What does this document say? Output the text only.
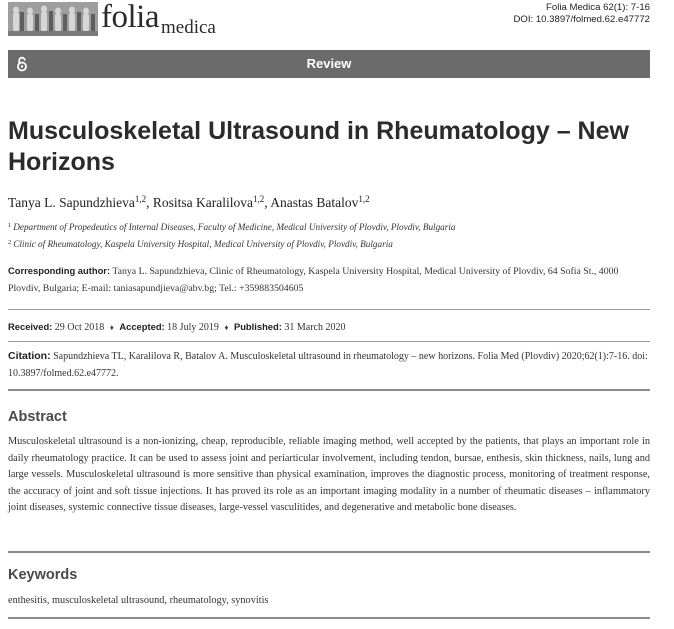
folia medica
Folia Medica 62(1): 7-16
DOI: 10.3897/folmed.62.e47772
Review
Musculoskeletal Ultrasound in Rheumatology – New Horizons
Tanya L. Sapundzhieva$^{1,2}$, Rositsa Karalilova$^{1,2}$, Anastas Batalov$^{1,2}$
$^1$ Department of Propedeutics of Internal Diseases, Faculty of Medicine, Medical University of Plovdiv, Plovdiv, Bulgaria
$^2$ Clinic of Rheumatology, Kaspela University Hospital, Medical University of Plovdiv, Plovdiv, Bulgaria
Corresponding author: Tanya L. Sapundzhieva, Clinic of Rheumatology, Kaspela University Hospital, Medical University of Plovdiv, 64 Sofia St., 4000 Plovdiv, Bulgaria; E-mail: taniasapundjieva@abv.bg; Tel.: +359883504605
Received: 29 Oct 2018 ♦ Accepted: 18 July 2019 ♦ Published: 31 March 2020
Citation: Sapundzhieva TL, Karalilova R, Batalov A. Musculoskeletal ultrasound in rheumatology – new horizons. Folia Med (Plovdiv) 2020;62(1):7-16. doi: 10.3897/folmed.62.e47772.
Abstract
Musculoskeletal ultrasound is a non-ionizing, cheap, reproducible, reliable imaging method, well accepted by the patients, that plays an important role in daily rheumatology practice. It can be used to assess joint and periarticular involvement, including tendon, bursae, enthesis, skin thickness, nails, lung and large vessels. Musculoskeletal ultrasound is more sensitive than physical examination, improves the diagnostic process, monitoring of treatment response, the accuracy of joint and soft tissue injections. It has proved its role as an important imaging modality in a number of rheumatic diseases – inflammatory joint diseases, systemic connective tissue diseases, large-vessel vasculitides, and degenerative and metabolic bone diseases.
Keywords
enthesitis, musculoskeletal ultrasound, rheumatology, synovitis
